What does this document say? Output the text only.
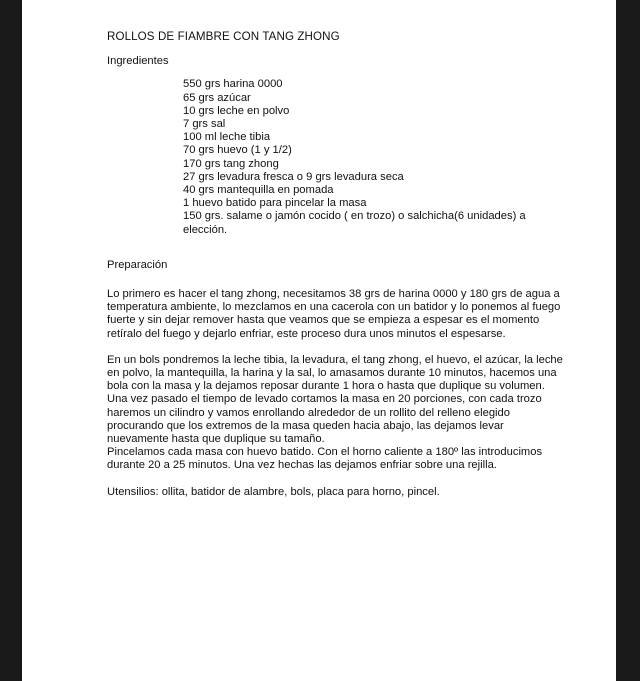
ROLLOS DE FIAMBRE CON TANG ZHONG
Ingredientes
550 grs harina 0000
65 grs azúcar
10 grs leche en polvo
7 grs sal
100 ml leche tibia
70 grs huevo (1 y 1/2)
170 grs tang zhong
27 grs levadura fresca o 9 grs levadura seca
40 grs mantequilla en pomada
1 huevo batido para pincelar la masa
150 grs. salame o jamón cocido ( en trozo) o salchicha(6 unidades) a elección.
Preparación

Lo primero es hacer el tang zhong, necesitamos 38 grs de harina 0000 y 180 grs de agua a temperatura ambiente, lo mezclamos en una cacerola con un batidor y lo ponemos al fuego fuerte y sin dejar remover hasta que veamos que se empieza a espesar es el momento retíralo del fuego y dejarlo enfriar, este proceso dura unos minutos el espesarse.

En un bols pondremos la leche tibia, la levadura, el tang zhong, el huevo, el azúcar, la leche en polvo, la mantequilla, la harina y la sal, lo amasamos durante 10 minutos, hacemos una bola con la masa y la dejamos reposar durante 1 hora o hasta que duplique su volumen.

Una vez pasado el tiempo de levado cortamos la masa en 20 porciones, con cada trozo haremos un cilindro y vamos enrollando alrededor de un rollito del relleno elegido procurando que los extremos de la masa queden hacia abajo, las dejamos levar nuevamente hasta que duplique su tamaño.

Pincelamos cada masa con huevo batido. Con el horno caliente a 180º las introducimos durante 20 a 25 minutos. Una vez hechas las dejamos enfriar sobre una rejilla.

Utensilios: ollita, batidor de alambre, bols, placa para horno, pincel.
